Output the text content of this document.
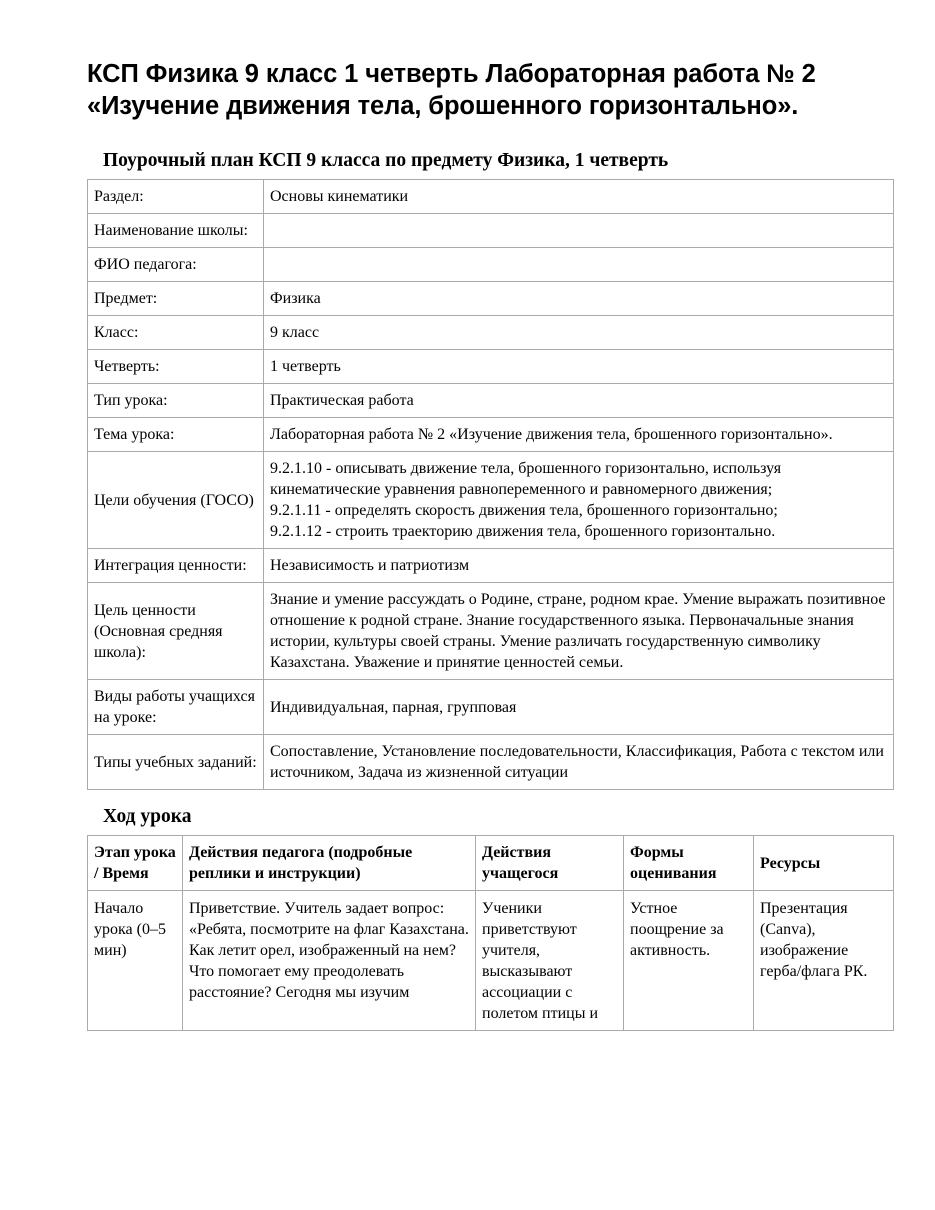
КСП Физика 9 класс 1 четверть Лабораторная работа № 2
«Изучение движения тела, брошенного горизонтально».
Поурочный план КСП 9 класса по предмету Физика, 1 четверть
Раздел:	Основы кинематики
Наименование школы:	
ФИО педагога:	
Предмет:	Физика
Класс:	9 класс
Четверть:	1 четверть
Тип урока:	Практическая работа
Тема урока:	Лабораторная работа № 2 «Изучение движения тела, брошенного горизонтально».
Цели обучения (ГОСО)	9.2.1.10 - описывать движение тела, брошенного горизонтально, используя кинематические уравнения равнопеременного и равномерного движения;
9.2.1.11 - определять скорость движения тела, брошенного горизонтально;
9.2.1.12 - строить траекторию движения тела, брошенного горизонтально.
Интеграция ценности:	Независимость и патриотизм
Цель ценности (Основная средняя школа):	Знание и умение рассуждать о Родине, стране, родном крае. Умение выражать позитивное отношение к родной стране. Знание государственного языка. Первоначальные знания истории, культуры своей страны. Умение различать государственную символику Казахстана. Уважение и принятие ценностей семьи.
Виды работы учащихся на уроке:	Индивидуальная, парная, групповая
Типы учебных заданий:	Сопоставление, Установление последовательности, Классификация, Работа с текстом или источником, Задача из жизненной ситуации
Ход урока
Этап урока / Время	Действия педагога (подробные реплики и инструкции)	Действия учащегося	Формы оценивания	Ресурсы

Начало урока (0–5 мин)	Приветствие. Учитель задает вопрос: «Ребята, посмотрите на флаг Казахстана. Как летит орел, изображенный на нем? Что помогает ему преодолевать расстояние? Сегодня мы изучим	Ученики приветствуют учителя, высказывают ассоциации с полетом птицы и	Устное поощрение за активность.	Презентация (Canva), изображение герба/флага РК.
